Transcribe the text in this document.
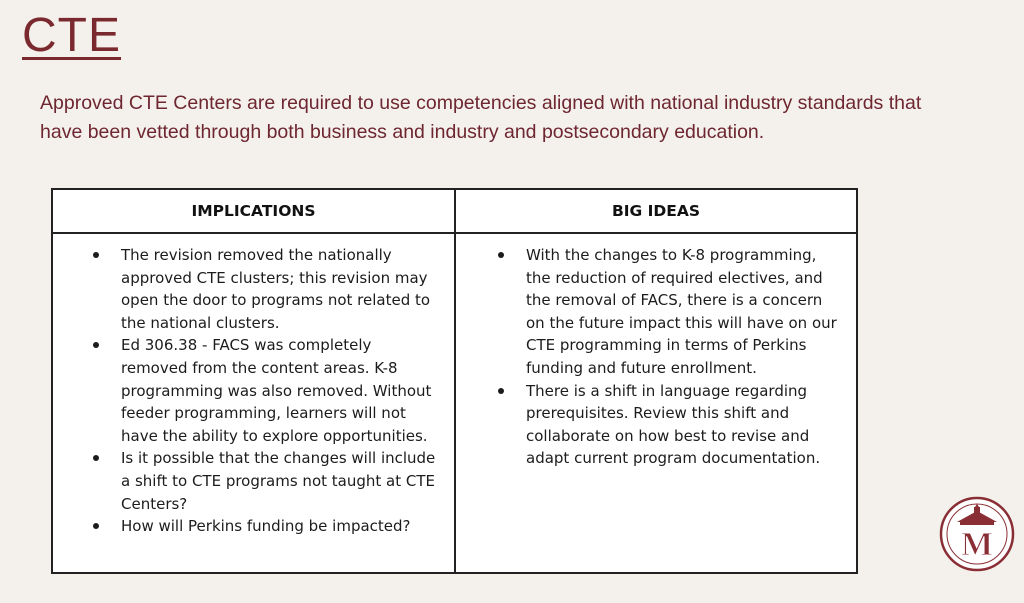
CTE

Approved CTE Centers are required to use competencies aligned with national industry standards that have been vetted through both business and industry and postsecondary education.

IMPLICATIONS	BIG IDEAS
The revision removed the nationally approved CTE clusters; this revision may open the door to programs not related to the national clusters.
Ed 306.38 - FACS was completely removed from the content areas. K-8 programming was also removed. Without feeder programming, learners will not have the ability to explore opportunities.
Is it possible that the changes will include a shift to CTE programs not taught at CTE Centers?
How will Perkins funding be impacted?
With the changes to K-8 programming, the reduction of required electives, and the removal of FACS, there is a concern on the future impact this will have on our CTE programming in terms of Perkins funding and future enrollment.
There is a shift in language regarding prerequisites. Review this shift and collaborate on how best to revise and adapt current program documentation.
M
